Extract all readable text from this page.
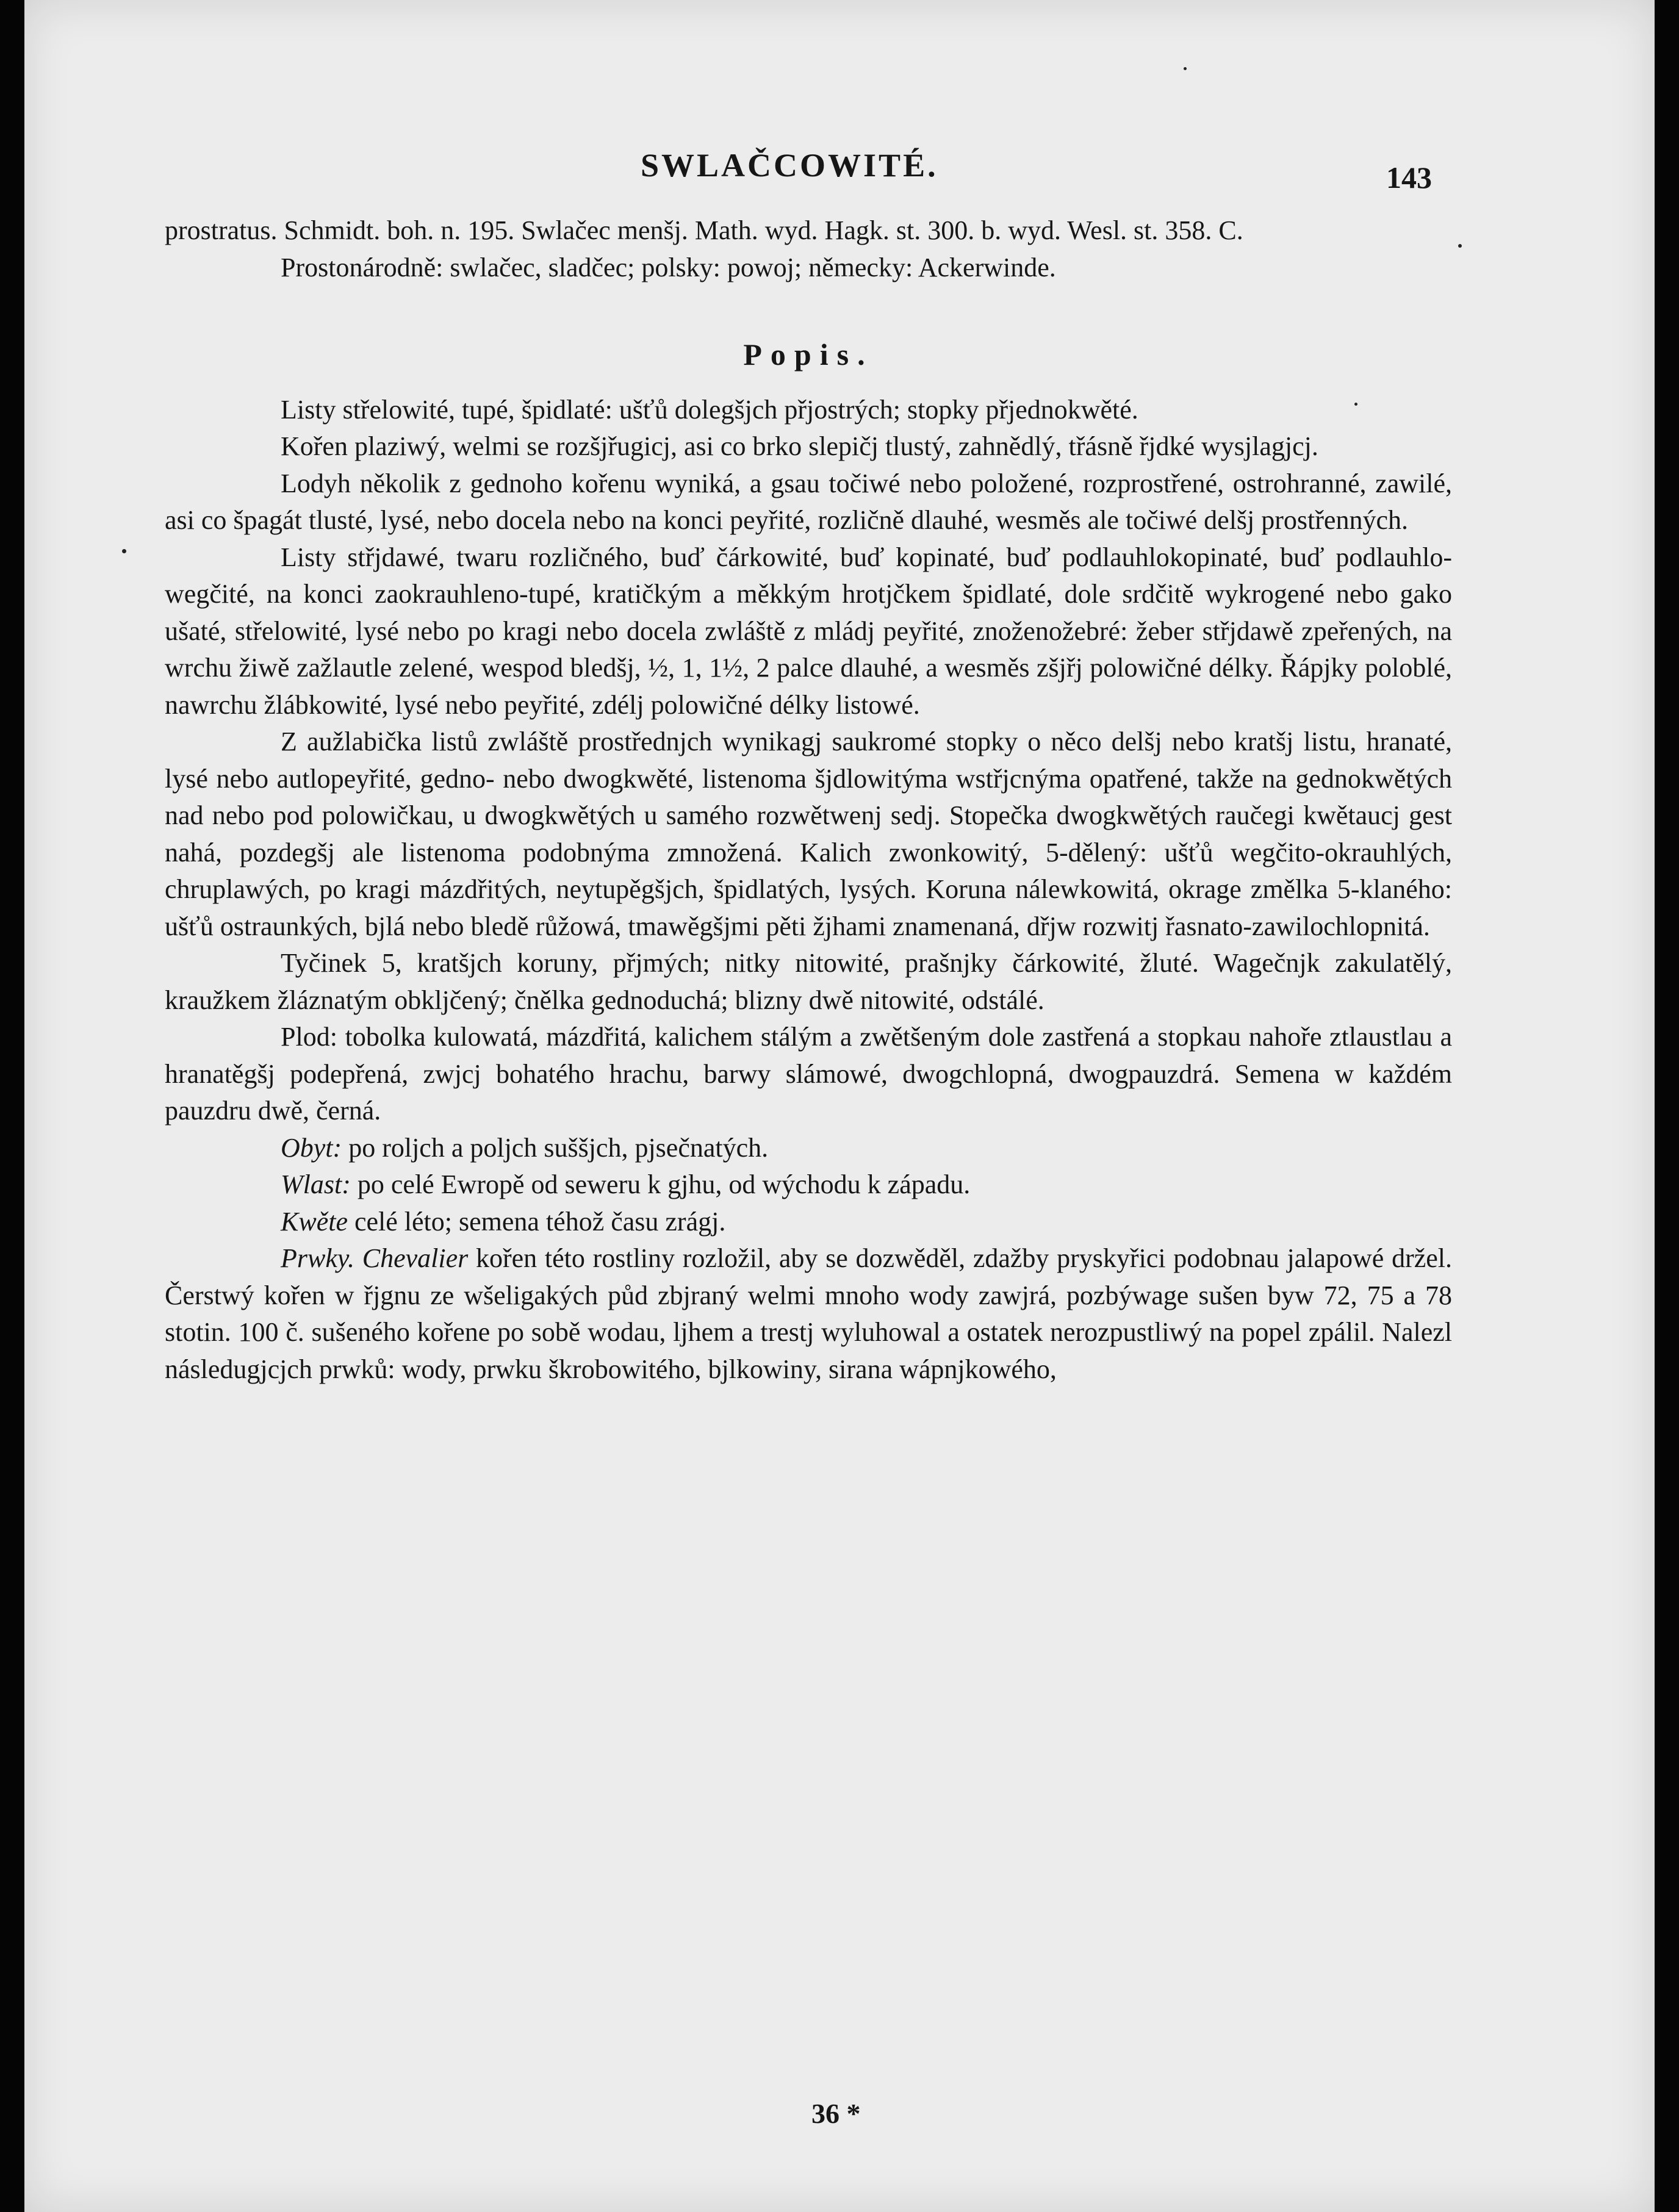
SWLAČCOWITÉ.	143

prostratus. Schmidt. boh. n. 195. Swlačec menšj. Math. wyd. Hagk. st. 300. b. wyd. Wesl. st. 358. C.

Prostonárodně: swlačec, sladčec; polsky: powoj; německy: Ackerwinde.

Popis.

Listy střelowité, tupé, špidlaté: ušťů dolegšjch přjostrých; stopky přjednokwěté.

Kořen plaziwý, welmi se rozšjřugicj, asi co brko slepičj tlustý, zahnědlý, třásně řjdké wysjlagjcj.

Lodyh několik z gednoho kořenu wyniká, a gsau točiwé nebo položené, rozprostřené, ostrohranné, zawilé, asi co špagát tlusté, lysé, nebo docela nebo na konci peyřité, rozličně dlauhé, wesměs ale točiwé delšj prostřenných.

Listy střjdawé, twaru rozličného, buď čárkowité, buď kopinaté, buď podlauhlokopinaté, buď podlauhlo-wegčité, na konci zaokrauhleno-tupé, kratičkým a měkkým hrotjčkem špidlaté, dole srdčitě wykrogené nebo gako ušaté, střelowité, lysé nebo po kragi nebo docela zwláště z mládj peyřité, znoženožebré: žeber střjdawě zpeřených, na wrchu žiwě zažlautle zelené, wespod bledšj, ½, 1, 1½, 2 palce dlauhé, a wesměs zšjřj polowičné délky. Řápjky poloblé, nawrchu žlábkowité, lysé nebo peyřité, zdélj polowičné délky listowé.

Z aužlabička listů zwláště prostřednjch wynikagj saukromé stopky o něco delšj nebo kratšj listu, hranaté, lysé nebo autlopeyřité, gedno- nebo dwogkwěté, listenoma šjdlowitýma wstřjcnýma opatřené, takže na gednokwětých nad nebo pod polowičkau, u dwogkwětých u samého rozwětwenj sedj. Stopečka dwogkwětých raučegi kwětaucj gest nahá, pozdegšj ale listenoma podobnýma zmnožená. Kalich zwonkowitý, 5-dělený: ušťů wegčito-okrauhlých, chruplawých, po kragi mázdřitých, neytupěgšjch, špidlatých, lysých. Koruna nálewkowitá, okrage změlka 5-klaného: ušťů ostraunkých, bjlá nebo bledě růžowá, tmawěgšjmi pěti žjhami znamenaná, dřjw rozwitj řasnato-zawilochlopnitá.

Tyčinek 5, kratšjch koruny, přjmých; nitky nitowité, prašnjky čárkowité, žluté. Wagečnjk zakulatělý, kraužkem žláznatým obkljčený; čnělka gednoduchá; blizny dwě nitowité, odstálé.

Plod: tobolka kulowatá, mázdřitá, kalichem stálým a zwětšeným dole zastřená a stopkau nahoře ztlaustlau a hranatěgšj podepřená, zwjcj bohatého hrachu, barwy slámowé, dwogchlopná, dwogpauzdrá. Semena w každém pauzdru dwě, černá.

Obyt: po roljch a poljch suššjch, pjsečnatých.

Wlast: po celé Ewropě od seweru k gjhu, od wýchodu k západu.

Kwěte celé léto; semena téhož času zrágj.

Prwky. Chevalier kořen této rostliny rozložil, aby se dozwěděl, zdažby pryskyřici podobnau jalapowé držel. Čerstwý kořen w řjgnu ze wšeligakých půd zbjraný welmi mnoho wody zawjrá, pozbýwage sušen byw 72, 75 a 78 stotin. 100 č. sušeného kořene po sobě wodau, ljhem a trestj wyluhowal a ostatek nerozpustliwý na popel zpálil. Nalezl následugjcjch prwků: wody, prwku škrobowitého, bjlkowiny, sirana wápnjkowého,

36 *
